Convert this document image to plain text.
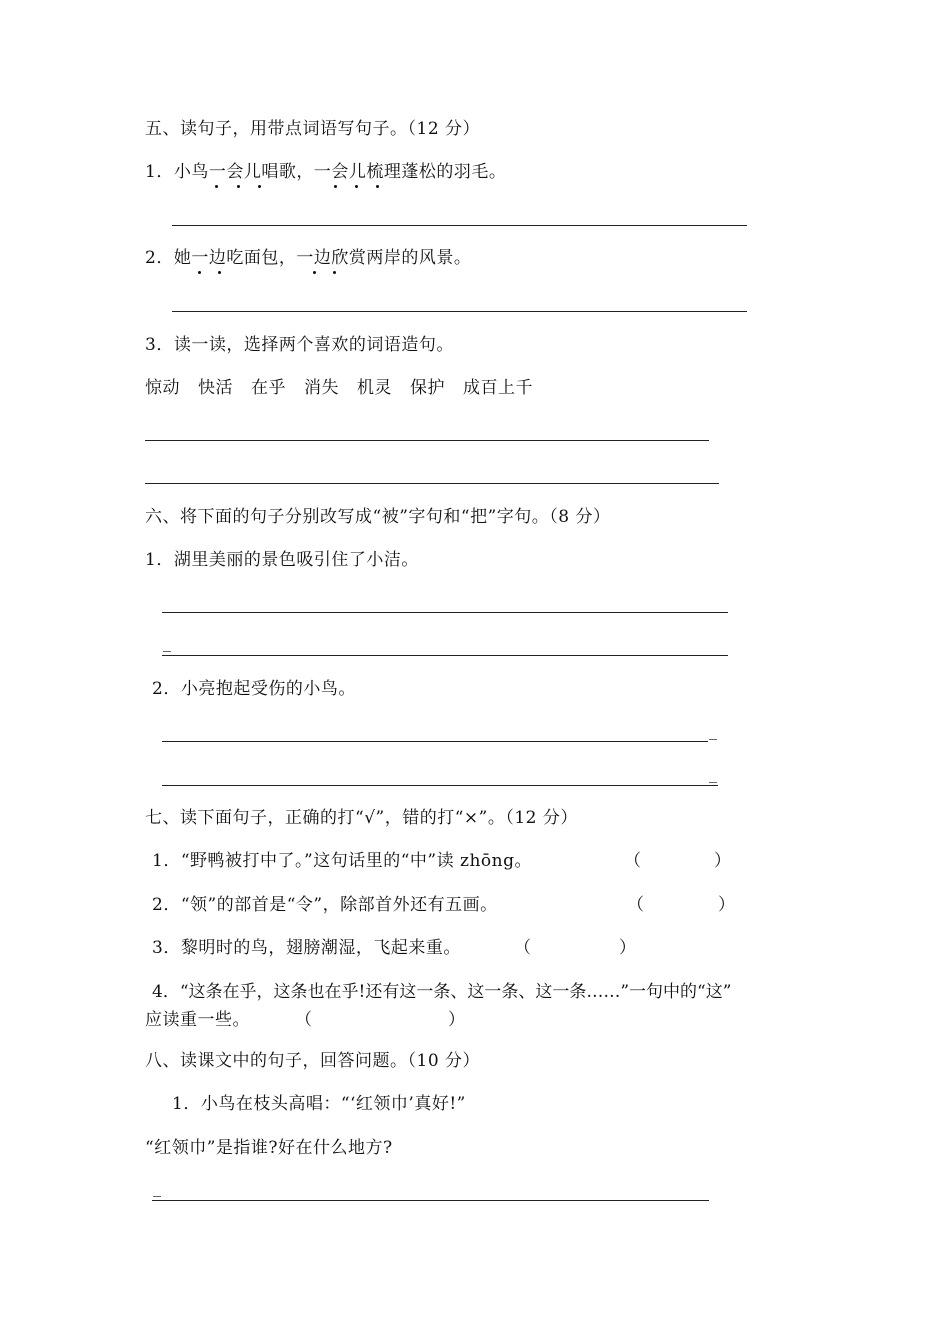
五、读句子，用带点词语写句子。（12 分）
1．小鸟一会儿唱歌，一会儿梳理蓬松的羽毛。
2．她一边吃面包，一边欣赏两岸的风景。
3．读一读，选择两个喜欢的词语造句。
惊动 快活 在乎 消失 机灵 保护 成百上千
六、将下面的句子分别改写成“被”字句和“把”字句。（8 分）
1．湖里美丽的景色吸引住了小洁。
2．小亮抱起受伤的小鸟。
七、读下面句子，正确的打“√”，错的打“×”。（12 分）
1．“野鸭被打中了。”这句话里的“中”读 zhōng。	（	）
2．“领”的部首是“令”，除部首外还有五画。	（	）
3．黎明时的鸟，翅膀潮湿，飞起来重。	（	）
4．“这条在乎，这条也在乎!还有这一条、这一条、这一条……”一句中的“这”
应读重一些。	（	）
八、读课文中的句子，回答问题。（10 分）
1．小鸟在枝头高唱：“‘红领巾’真好!”
“红领巾”是指谁?好在什么地方?
